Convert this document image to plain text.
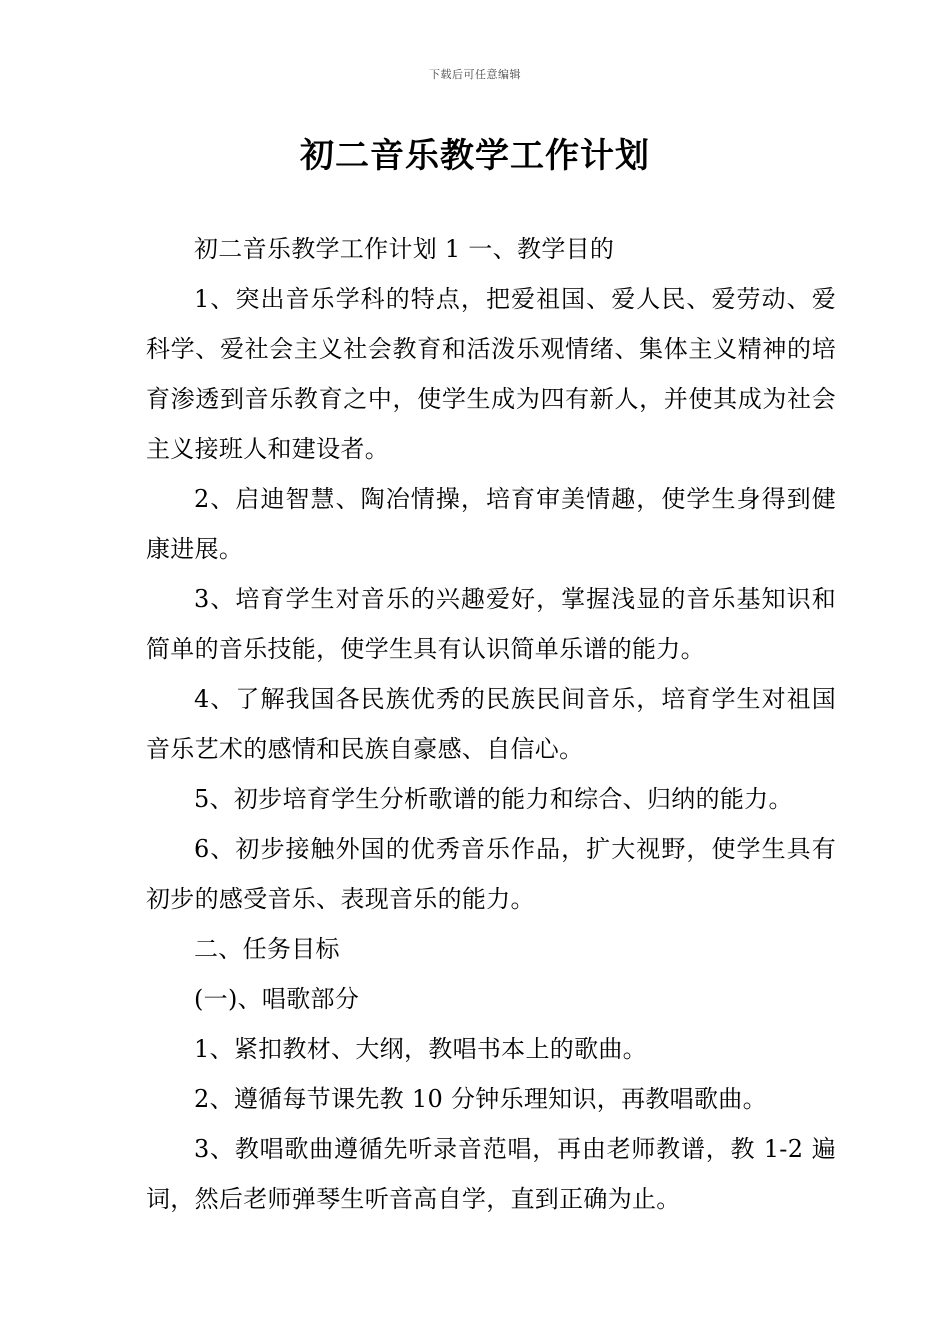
下载后可任意编辑
初二音乐教学工作计划

初二音乐教学工作计划 1 一、教学目的

1、突出音乐学科的特点，把爱祖国、爱人民、爱劳动、爱科学、爱社会主义社会教育和活泼乐观情绪、集体主义精神的培育渗透到音乐教育之中，使学生成为四有新人，并使其成为社会主义接班人和建设者。

2、启迪智慧、陶冶情操，培育审美情趣，使学生身得到健康进展。

3、培育学生对音乐的兴趣爱好，掌握浅显的音乐基知识和简单的音乐技能，使学生具有认识简单乐谱的能力。

4、了解我国各民族优秀的民族民间音乐，培育学生对祖国音乐艺术的感情和民族自豪感、自信心。

5、初步培育学生分析歌谱的能力和综合、归纳的能力。

6、初步接触外国的优秀音乐作品，扩大视野，使学生具有初步的感受音乐、表现音乐的能力。

二、任务目标

(一)、唱歌部分

1、紧扣教材、大纲，教唱书本上的歌曲。

2、遵循每节课先教 10 分钟乐理知识，再教唱歌曲。

3、教唱歌曲遵循先听录音范唱，再由老师教谱，教 1-2 遍词，然后老师弹琴生听音高自学，直到正确为止。
